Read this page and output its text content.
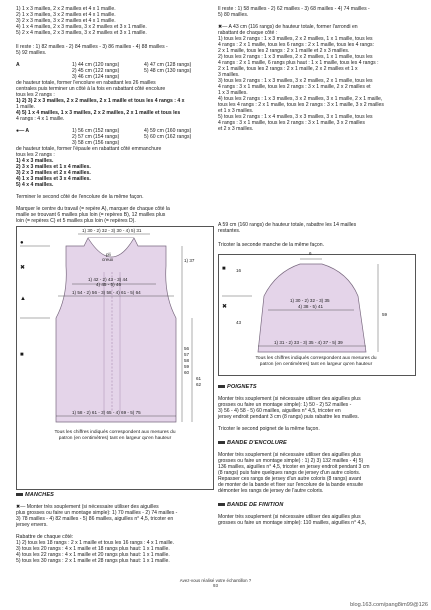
1) 1 x 3 mailles, 2 x 2 mailles et 4 x 1 maille.
2) 1 x 3 mailles, 3 x 2 mailles et 4 x 1 maille.
3) 2 x 3 mailles, 3 x 2 mailles et 4 x 1 maille.
4) 1 x 4 mailles, 2 x 3 mailles, 3 x 2 mailles et 3 x 1 maille.
5) 2 x 4 mailles, 2 x 3 mailles, 3 x 2 mailles et 3 x 1 maille.
Il reste : 1) 82 mailles - 2) 84 mailles - 3) 86 mailles - 4) 88 mailles -
5) 92 mailles.
A	1) 44 cm (120 rangs)
2) 45 cm (122 rangs)
3) 46 cm (124 rangs)
4) 47 cm (128 rangs)
5) 48 cm (130 rangs)
de hauteur totale, former l'encolure en rabattant les 26 mailles
centrales puis terminer un côté à la fois en rabattant côté encolure
tous les 2 rangs :
1) 2) 3) 2 x 3 mailles, 2 x 2 mailles, 2 x 1 maille et tous les 4 rangs : 4 x
1 maille.
4) 5) 1 x 4 mailles, 1 x 3 mailles, 2 x 2 mailles, 2 x 1 maille et tous les
4 rangs : 4 x 1 maille.
●— A	1) 56 cm (152 rangs)
2) 57 cm (154 rangs)
3) 58 cm (156 rangs)
4) 59 cm (160 rangs)
5) 60 cm (162 rangs)
de hauteur totale, former l'épaule en rabattant côté emmanchure
tous les 2 rangs :
1) 4 x 3 mailles.
2) 3 x 3 mailles et 1 x 4 mailles.
3) 2 x 3 mailles et 2 x 4 mailles.
4) 1 x 3 mailles et 3 x 4 mailles.
5) 4 x 4 mailles.
Terminer le second côté de l'encolure de la même façon.
Marquer le centre du travail (= repère A), marquer de chaque côté la
maille se trouvant 6 mailles plus loin (= repères B), 12 mailles plus
loin (= repères C) et 5 mailles plus loin (= repères D).
●
✖
▲
■
1) 30 - 2) 32 - 3) 30 - 4) 5) 31
pli
creux
1) 42 - 2) 43 - 3) 44
4) 45 - 5) 46
1) 54 - 2) 56 - 3) 58 - 4) 61 - 5) 64
1) 58 - 2) 61 - 3) 65 - 4) 69 - 5) 75
1) 37
56
57
58
59
60
61
62
Tous les chiffres indiqués correspondent aux mesures du
patron (en centimètres) tant en largeur qu'en hauteur
MANCHES
✖— Monter très souplement (si nécessaire utiliser des aiguilles
plus grosses ou faire un montage simple): 1) 70 mailles - 2) 74 mailles -
3) 78 mailles - 4) 82 mailles - 5) 86 mailles, aiguilles n° 4,5, tricoter en
jersey envers.
Rabattre de chaque côté:
1) 2) tous les 18 rangs : 2 x 1 maille et tous les 16 rangs : 4 x 1 maille.
3) tous les 20 rangs : 4 x 1 maille et 18 rangs plus haut: 1 x 1 maille.
4) tous les 22 rangs : 4 x 1 maille et 20 rangs plus haut: 1 x 1 maille.
5) tous les 30 rangs : 2 x 1 maille et 28 rangs plus haut: 1 x 1 maille.
Il reste : 1) 58 mailles - 2) 62 mailles - 3) 68 mailles - 4) 74 mailles -
5) 80 mailles.
✖— A 43 cm (116 rangs) de hauteur totale, former l'arrondi en
rabattant de chaque côté :
1) tous les 2 rangs : 1 x 3 mailles, 2 x 2 mailles, 1 x 1 maille, tous les
4 rangs : 2 x 1 maille, tous les 6 rangs : 2 x 1 maille, tous les 4 rangs:
2 x 1 maille, tous les 2 rangs : 2 x 1 maille et 2 x 3 mailles.
2) tous les 2 rangs : 1 x 3 mailles, 2 x 2 mailles, 1 x 1 maille, tous les
4 rangs : 2 x 1 maille, 6 rangs plus haut : 1 x 1 maille, tous les 4 rangs :
2 x 1 maille, tous les 2 rangs : 2 x 1 maille, 2 x 2 mailles et 1 x
3 mailles.
3) tous les 2 rangs : 1 x 3 mailles, 3 x 2 mailles, 2 x 1 maille, tous les
4 rangs : 3 x 1 maille, tous les 2 rangs : 3 x 1 maille, 2 x 2 mailles et
1 x 3 mailles.
4) tous les 2 rangs : 1 x 3 mailles, 3 x 2 mailles, 3 x 1 maille, 2 x 1 maille,
tous les 4 rangs : 2 x 1 maille, tous les 2 rangs : 3 x 1 maille, 3 x 2 mailles
et 1 x 3 mailles.
5) tous les 2 rangs : 1 x 4 mailles, 3 x 3 mailles, 3 x 1 maille, tous les
4 rangs : 3 x 1 maille, tous les 2 rangs : 3 x 1 maille, 3 x 2 mailles
et 2 x 3 mailles.
A 59 cm (160 rangs) de hauteur totale, rabattre les 14 mailles
restantes.
Tricoter la seconde manche de la même façon.
■
✖
6
1) 30 - 2) 32 - 3) 35
4) 38 - 5) 41
1) 31 - 2) 33 - 3) 35 - 4) 37 - 5) 39
16
43
59
Tous les chiffres indiqués correspondent aux mesures du
patron (en centimètres) tant en largeur qu'en hauteur
POIGNETS
Monter très souplement (si nécessaire utiliser des aiguilles plus
grosses ou faire un montage simple): 1) 50 - 2) 52 mailles -
3) 56 - 4) 58 - 5) 60 mailles, aiguilles n° 4,5, tricoter en
jersey endroit pendant 3 cm (8 rangs) puis rabattre les mailles.
Tricoter le second poignet de la même façon.
BANDE D'ENCOLURE
Monter très souplement (si nécessaire utiliser des aiguilles plus
grosses ou faire un montage simple) : 1) 2) 3) 132 mailles - 4) 5)
136 mailles, aiguilles n° 4,5, tricoter en jersey endroit pendant 3 cm
(8 rangs) puis faire quelques rangs de jersey d'un autre coloris.
Repasser ces rangs de jersey d'un autre coloris (8 rangs) avant
de monter de la bande et fixer sur l'encolure de la bande ensuite
démonter les rangs de jersey de l'autre coloris.
BANDE DE FINITION
Monter très souplement (si nécessaire utiliser des aiguilles plus
grosses ou faire un montage simple): 110 mailles, aiguilles n° 4,5,
Avez-vous réalisé votre échantillon ?
93
blog.163.com/pang8im99@126
